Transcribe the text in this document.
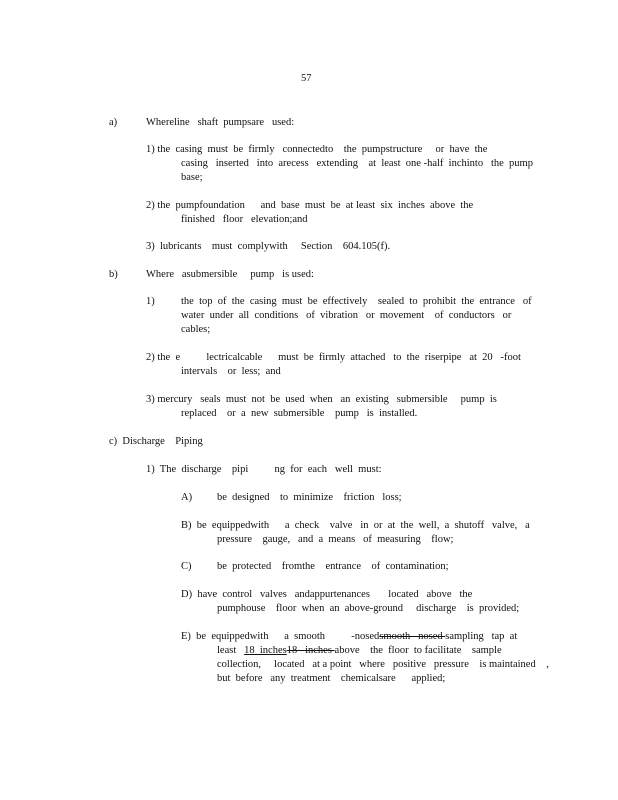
57
a)	Whereline   shaft  pumpsare   used:
1) the  casing  must  be  firmly   connectedto    the  pumpstructure     or  have  the
casing   inserted   into  arecess   extending    at  least  one -half  inchinto   the  pump
base;
2) the  pumpfoundation      and  base  must  be  at least  six  inches  above  the
finished   floor   elevation;and
3)  lubricants    must  complywith     Section    604.105(f).
b)	Where   asubmersible     pump   is used:
1)	the  top  of  the  casing  must  be  effectively    sealed  to  prohibit  the  entrance   of
water  under  all  conditions   of  vibration   or  movement    of  conductors   or
cables;
2) the  e          lectricalcable      must  be  firmly  attached   to  the  riserpipe   at  20   -foot
intervals    or  less;  and
3) mercury   seals  must  not  be  used  when   an  existing   submersible     pump  is
replaced    or  a  new  submersible    pump   is  installed.
c)  Discharge    Piping
1)  The  discharge    pipi          ng  for  each   well  must:
A) be  designed    to  minimize    friction   loss;
B)  be  equippedwith      a  check    valve   in  or  at  the  well,  a  shutoff   valve,   a
pressure    gauge,   and  a  means   of  measuring    flow;
C) be  protected    fromthe    entrance    of  contamination;
D)  have  control   valves   andappurtenances       located   above   the
pumphouse    floor  when  an  above-ground     discharge    is  provided;
E)  be  equippedwith      a  smooth          -nosedsmooth   nosed sampling   tap  at
least   18  inches18   inches above    the  floor  to facilitate    sample
collection,     located   at a point   where   positive   pressure    is maintained    ,
but  before   any  treatment    chemicalsare      applied;
